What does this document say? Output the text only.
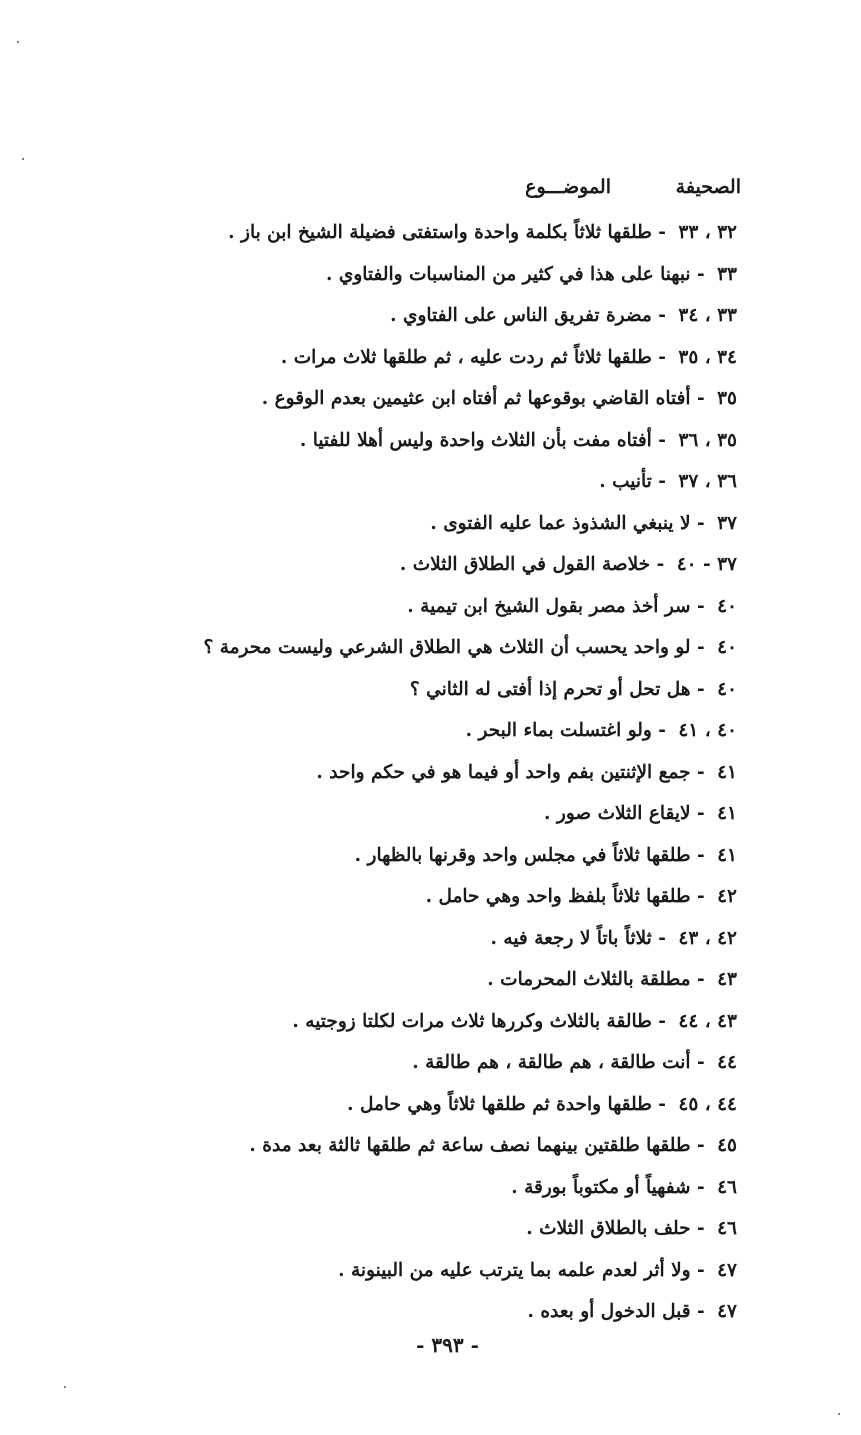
الصحيفة
الموضـــوع
٣٢ ، ٣٣ - طلقها ثلاثاً بكلمة واحدة واستفتى فضيلة الشيخ ابن باز .
٣٣ - نبهنا على هذا في كثير من المناسبات والفتاوي .
٣٣ ، ٣٤ - مضرة تفريق الناس على الفتاوي .
٣٤ ، ٣٥ - طلقها ثلاثاً ثم ردت عليه ، ثم طلقها ثلاث مرات .
٣٥ - أفتاه القاضي بوقوعها ثم أفتاه ابن عثيمين بعدم الوقوع .
٣٥ ، ٣٦ - أفتاه مفت بأن الثلاث واحدة وليس أهلا للفتيا .
٣٦ ، ٣٧ - تأنيب .
٣٧ - لا ينبغي الشذوذ عما عليه الفتوى .
٣٧ - ٤٠ - خلاصة القول في الطلاق الثلاث .
٤٠ - سر أخذ مصر بقول الشيخ ابن تيمية .
٤٠ - لو واحد يحسب أن الثلاث هي الطلاق الشرعي وليست محرمة ؟
٤٠ - هل تحل أو تحرم إذا أفتى له الثاني ؟
٤٠ ، ٤١ - ولو اغتسلت بماء البحر .
٤١ - جمع الإثنتين بفم واحد أو فيما هو في حكم واحد .
٤١ - لايقاع الثلاث صور .
٤١ - طلقها ثلاثاً في مجلس واحد وقرنها بالظهار .
٤٢ - طلقها ثلاثاً بلفظ واحد وهي حامل .
٤٢ ، ٤٣ - ثلاثاً باتاً لا رجعة فيه .
٤٣ - مطلقة بالثلاث المحرمات .
٤٣ ، ٤٤ - طالقة بالثلاث وكررها ثلاث مرات لكلتا زوجتيه .
٤٤ - أنت طالقة ، هم طالقة ، هم طالقة .
٤٤ ، ٤٥ - طلقها واحدة ثم طلقها ثلاثاً وهي حامل .
٤٥ - طلقها طلقتين بينهما نصف ساعة ثم طلقها ثالثة بعد مدة .
٤٦ - شفهياً أو مكتوباً بورقة .
٤٦ - حلف بالطلاق الثلاث .
٤٧ - ولا أثر لعدم علمه بما يترتب عليه من البينونة .
٤٧ - قبل الدخول أو بعده .
- ٣٩٣ -
